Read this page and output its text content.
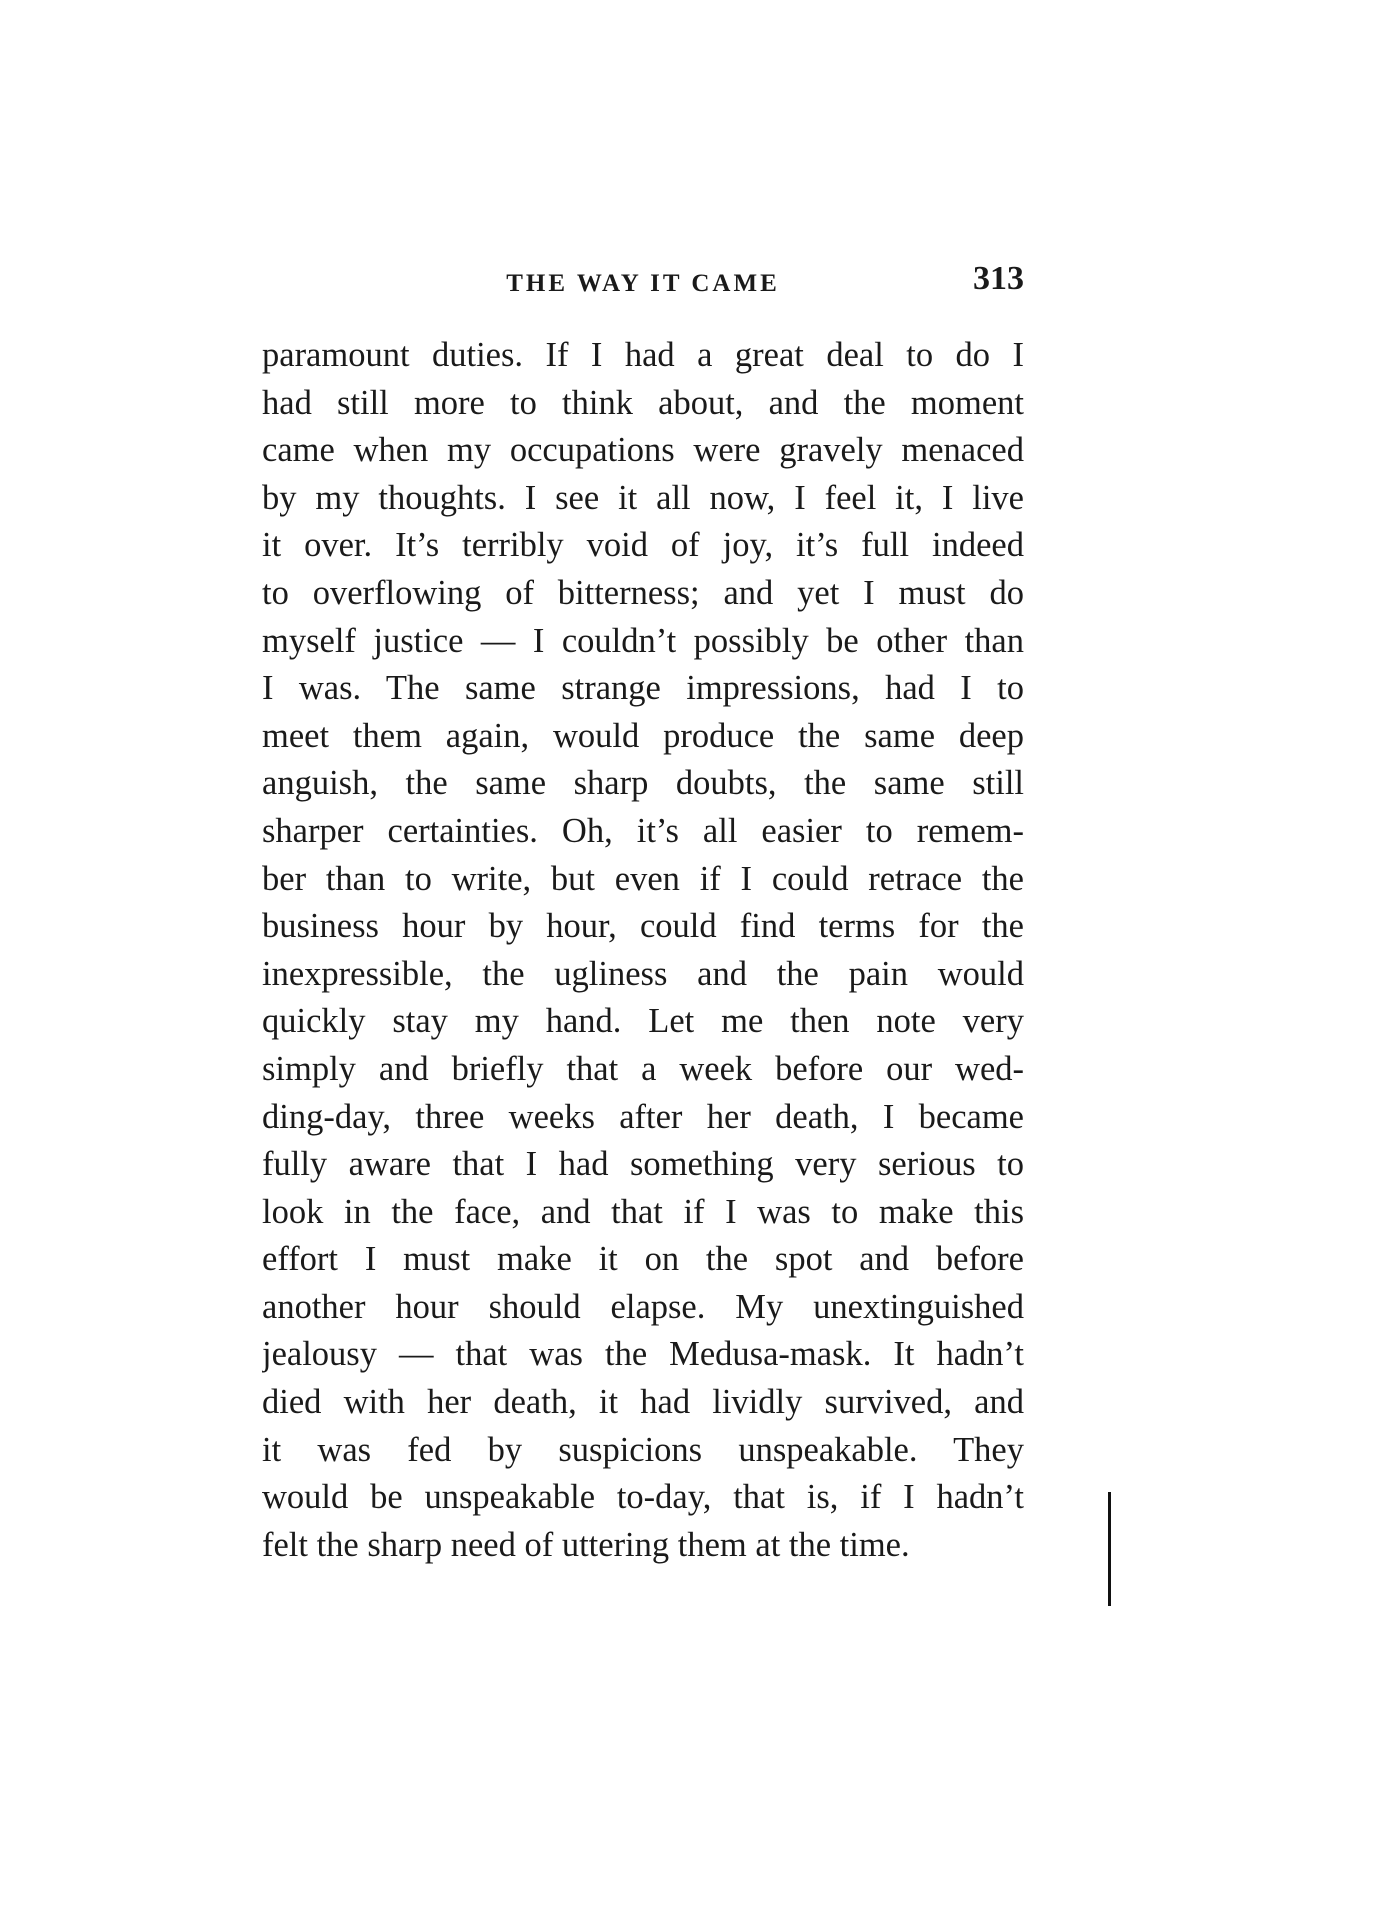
THE WAY IT CAME	313
paramount duties. If I had a great deal to do I
had still more to think about, and the moment
came when my occupations were gravely menaced
by my thoughts. I see it all now, I feel it, I live
it over. It’s terribly void of joy, it’s full indeed
to overflowing of bitterness; and yet I must do
myself justice — I couldn’t possibly be other than
I was. The same strange impressions, had I to
meet them again, would produce the same deep
anguish, the same sharp doubts, the same still
sharper certainties. Oh, it’s all easier to remem-
ber than to write, but even if I could retrace the
business hour by hour, could find terms for the
inexpressible, the ugliness and the pain would
quickly stay my hand. Let me then note very
simply and briefly that a week before our wed-
ding-day, three weeks after her death, I became
fully aware that I had something very serious to
look in the face, and that if I was to make this
effort I must make it on the spot and before
another hour should elapse. My unextinguished
jealousy — that was the Medusa-mask. It hadn’t
died with her death, it had lividly survived, and
it was fed by suspicions unspeakable. They
would be unspeakable to-day, that is, if I hadn’t
felt the sharp need of uttering them at the time.
